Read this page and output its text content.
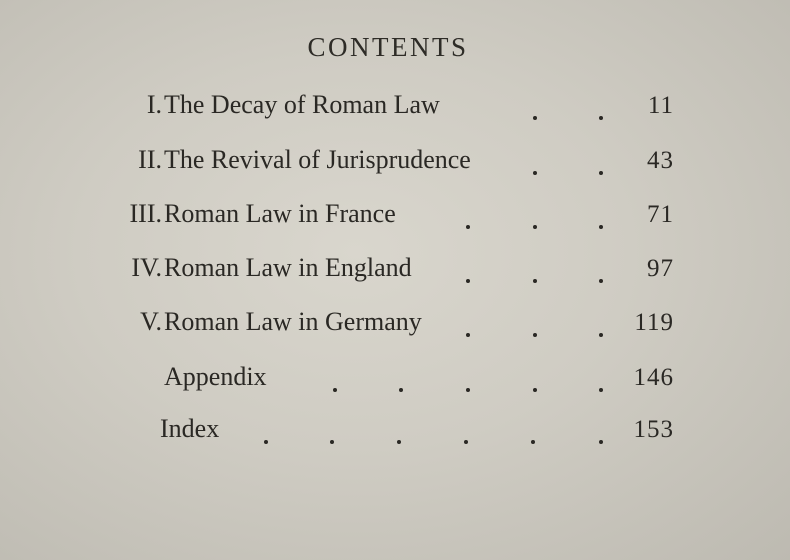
CONTENTS
I. The Decay of Roman Law	11
II. The Revival of Jurisprudence	43
III. Roman Law in France	71
IV. Roman Law in England	97
V. Roman Law in Germany	119
Appendix	146
Index	153
